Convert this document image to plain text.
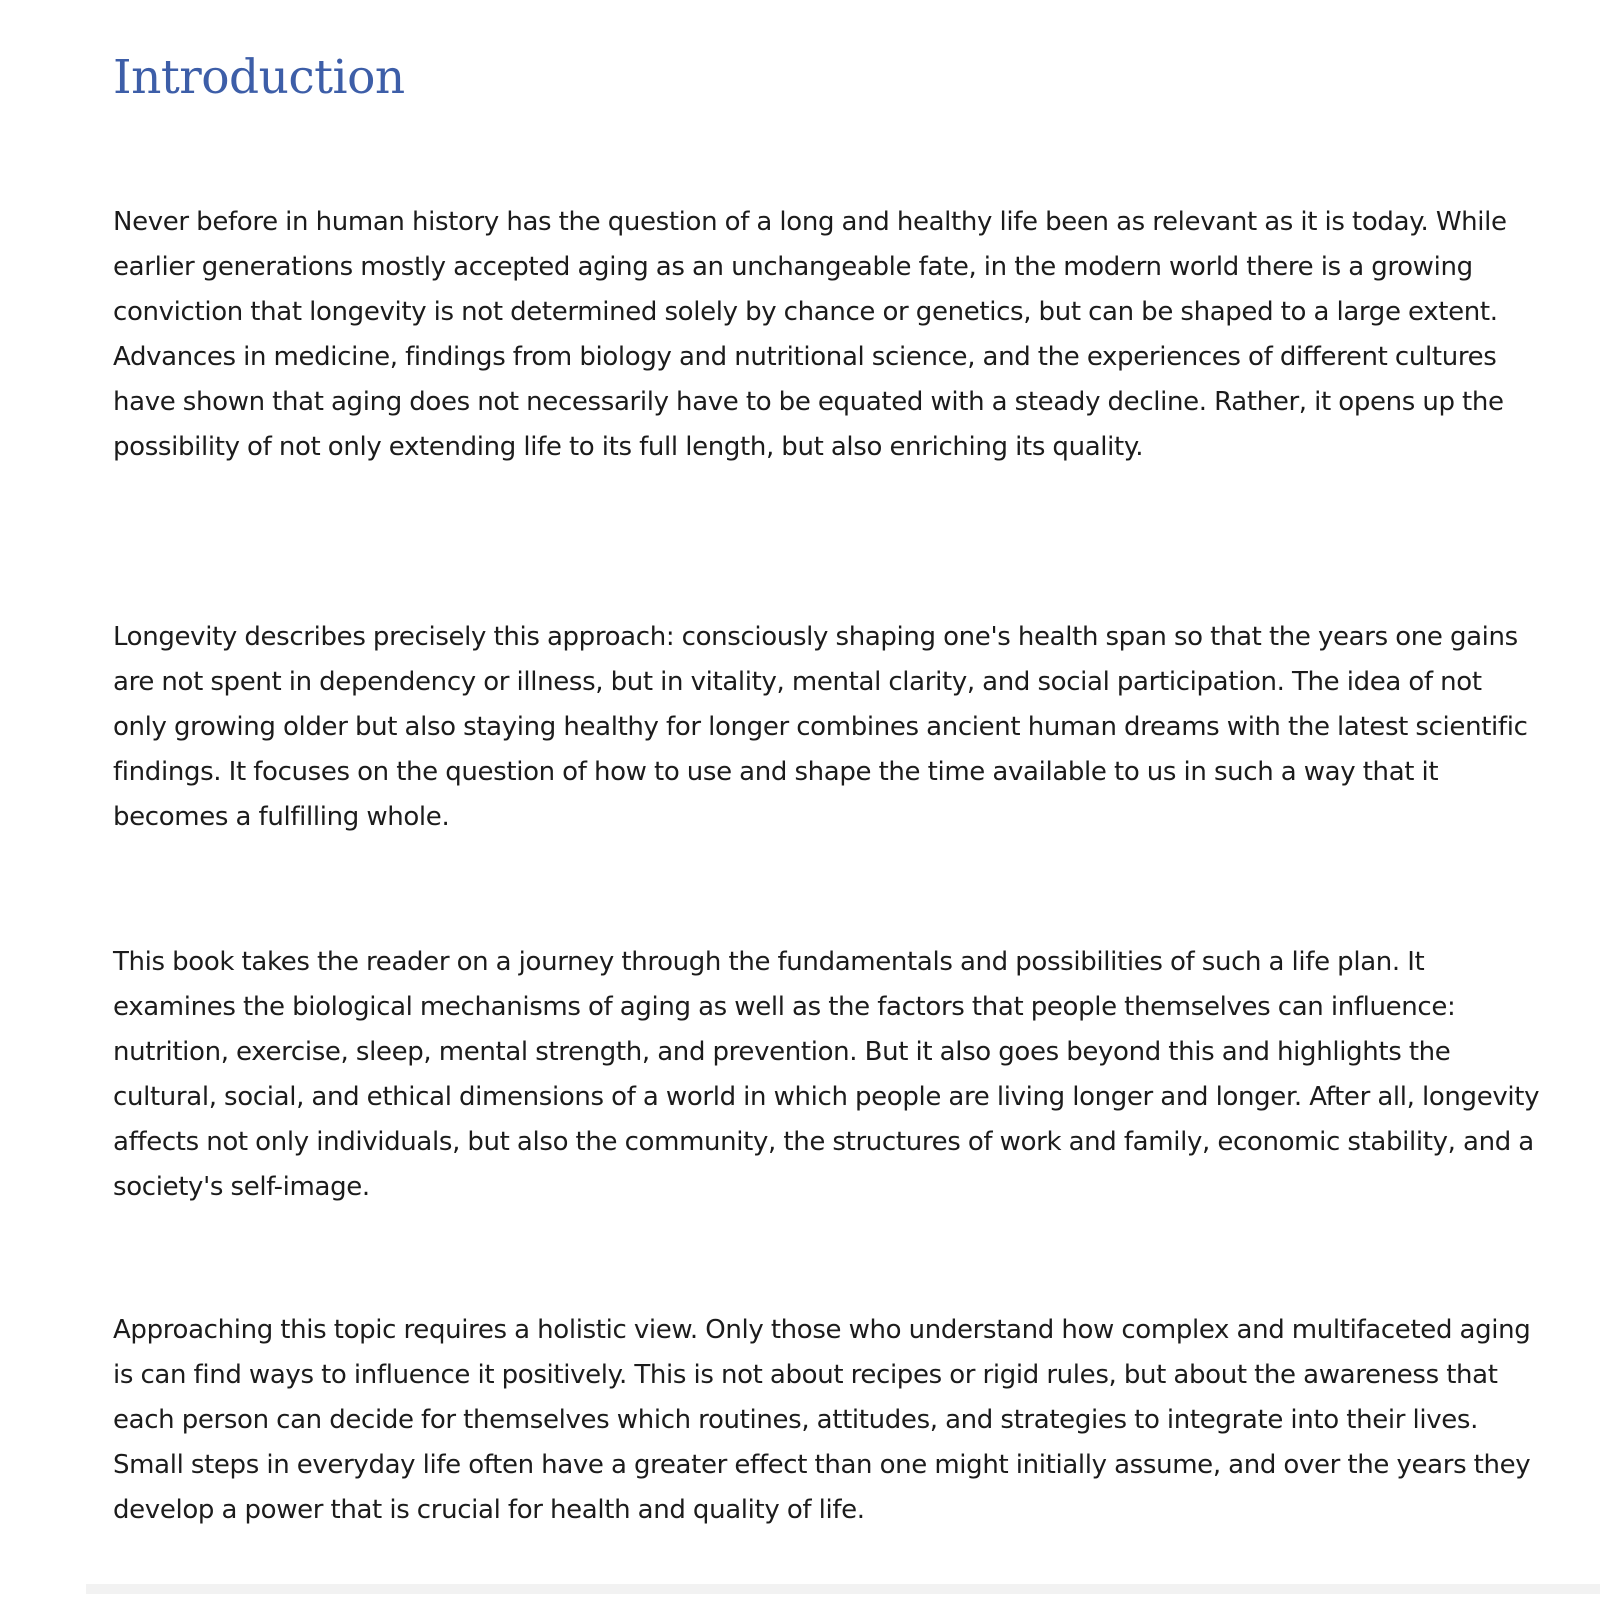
Introduction

Never before in human history has the question of a long and healthy life been as relevant as it is today. While earlier generations mostly accepted aging as an unchangeable fate, in the modern world there is a growing conviction that longevity is not determined solely by chance or genetics, but can be shaped to a large extent. Advances in medicine, findings from biology and nutritional science, and the experiences of different cultures have shown that aging does not necessarily have to be equated with a steady decline. Rather, it opens up the possibility of not only extending life to its full length, but also enriching its quality.

Longevity describes precisely this approach: consciously shaping one's health span so that the years one gains are not spent in dependency or illness, but in vitality, mental clarity, and social participation. The idea of not only growing older but also staying healthy for longer combines ancient human dreams with the latest scientific findings. It focuses on the question of how to use and shape the time available to us in such a way that it becomes a fulfilling whole.

This book takes the reader on a journey through the fundamentals and possibilities of such a life plan. It examines the biological mechanisms of aging as well as the factors that people themselves can influence: nutrition, exercise, sleep, mental strength, and prevention. But it also goes beyond this and highlights the cultural, social, and ethical dimensions of a world in which people are living longer and longer. After all, longevity affects not only individuals, but also the community, the structures of work and family, economic stability, and a society's self-image.

Approaching this topic requires a holistic view. Only those who understand how complex and multifaceted aging is can find ways to influence it positively. This is not about recipes or rigid rules, but about the awareness that each person can decide for themselves which routines, attitudes, and strategies to integrate into their lives. Small steps in everyday life often have a greater effect than one might initially assume, and over the years they develop a power that is crucial for health and quality of life.
